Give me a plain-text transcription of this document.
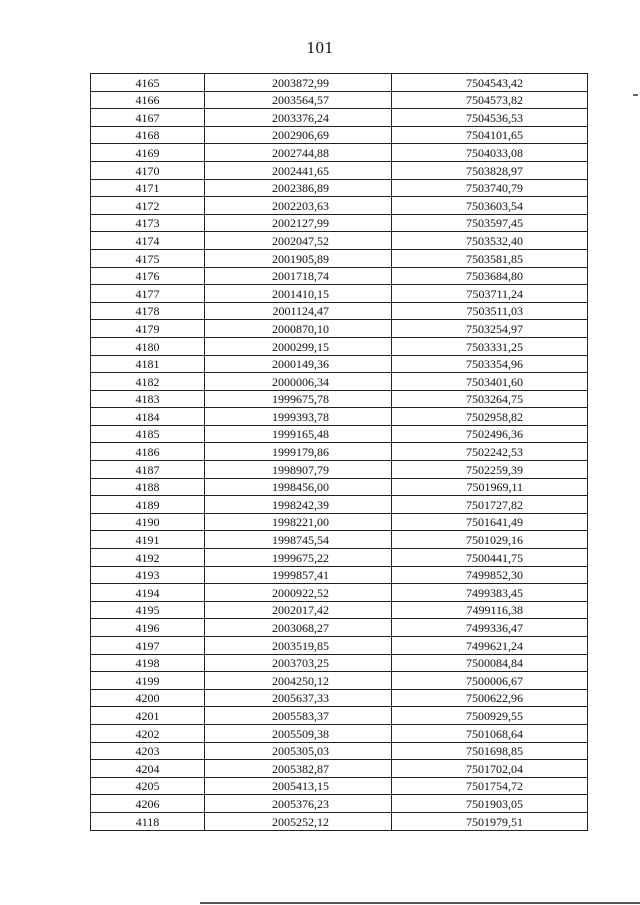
101
4165	2003872,99	7504543,42
4166	2003564,57	7504573,82
4167	2003376,24	7504536,53
4168	2002906,69	7504101,65
4169	2002744,88	7504033,08
4170	2002441,65	7503828,97
4171	2002386,89	7503740,79
4172	2002203,63	7503603,54
4173	2002127,99	7503597,45
4174	2002047,52	7503532,40
4175	2001905,89	7503581,85
4176	2001718,74	7503684,80
4177	2001410,15	7503711,24
4178	2001124,47	7503511,03
4179	2000870,10	7503254,97
4180	2000299,15	7503331,25
4181	2000149,36	7503354,96
4182	2000006,34	7503401,60
4183	1999675,78	7503264,75
4184	1999393,78	7502958,82
4185	1999165,48	7502496,36
4186	1999179,86	7502242,53
4187	1998907,79	7502259,39
4188	1998456,00	7501969,11
4189	1998242,39	7501727,82
4190	1998221,00	7501641,49
4191	1998745,54	7501029,16
4192	1999675,22	7500441,75
4193	1999857,41	7499852,30
4194	2000922,52	7499383,45
4195	2002017,42	7499116,38
4196	2003068,27	7499336,47
4197	2003519,85	7499621,24
4198	2003703,25	7500084,84
4199	2004250,12	7500006,67
4200	2005637,33	7500622,96
4201	2005583,37	7500929,55
4202	2005509,38	7501068,64
4203	2005305,03	7501698,85
4204	2005382,87	7501702,04
4205	2005413,15	7501754,72
4206	2005376,23	7501903,05
4118	2005252,12	7501979,51
